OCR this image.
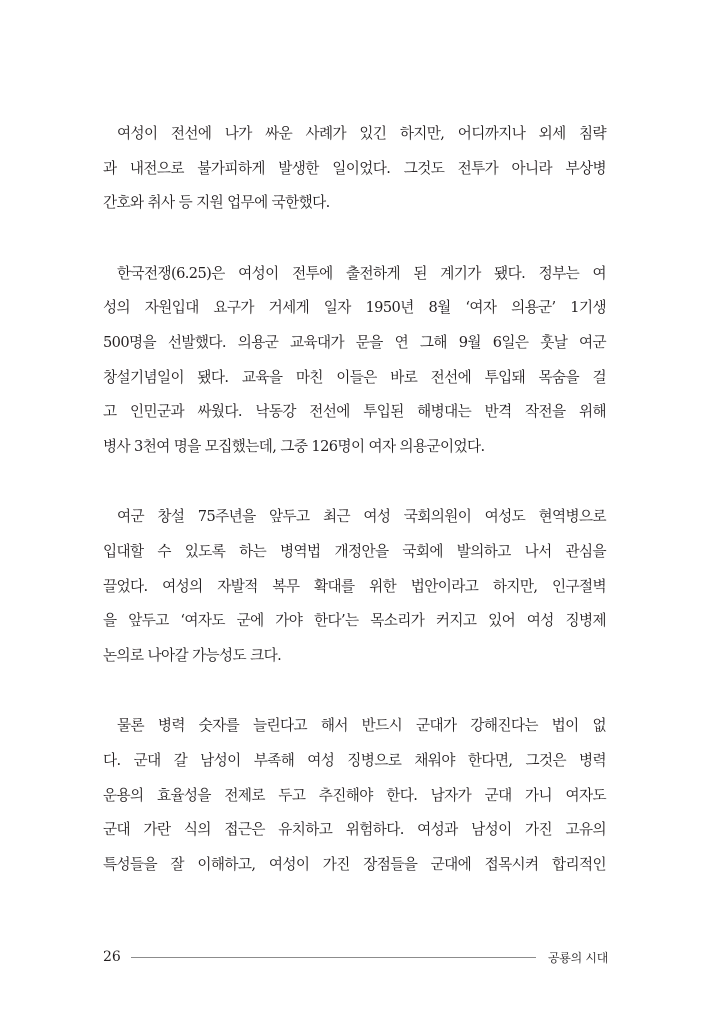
여성이 전선에 나가 싸운 사례가 있긴 하지만, 어디까지나 외세 침략
과 내전으로 불가피하게 발생한 일이었다. 그것도 전투가 아니라 부상병
간호와 취사 등 지원 업무에 국한했다.

한국전쟁(6.25)은 여성이 전투에 출전하게 된 계기가 됐다. 정부는 여
성의 자원입대 요구가 거세게 일자 1950년 8월 ‘여자 의용군’ 1기생
500명을 선발했다. 의용군 교육대가 문을 연 그해 9월 6일은 훗날 여군
창설기념일이 됐다. 교육을 마친 이들은 바로 전선에 투입돼 목숨을 걸
고 인민군과 싸웠다. 낙동강 전선에 투입된 해병대는 반격 작전을 위해
병사 3천여 명을 모집했는데, 그중 126명이 여자 의용군이었다.

여군 창설 75주년을 앞두고 최근 여성 국회의원이 여성도 현역병으로
입대할 수 있도록 하는 병역법 개정안을 국회에 발의하고 나서 관심을
끌었다. 여성의 자발적 복무 확대를 위한 법안이라고 하지만, 인구절벽
을 앞두고 ‘여자도 군에 가야 한다’는 목소리가 커지고 있어 여성 징병제
논의로 나아갈 가능성도 크다.

물론 병력 숫자를 늘린다고 해서 반드시 군대가 강해진다는 법이 없
다. 군대 갈 남성이 부족해 여성 징병으로 채워야 한다면, 그것은 병력
운용의 효율성을 전제로 두고 추진해야 한다. 남자가 군대 가니 여자도
군대 가란 식의 접근은 유치하고 위험하다. 여성과 남성이 가진 고유의
특성들을 잘 이해하고, 여성이 가진 장점들을 군대에 접목시켜 합리적인

26	공룡의 시대
